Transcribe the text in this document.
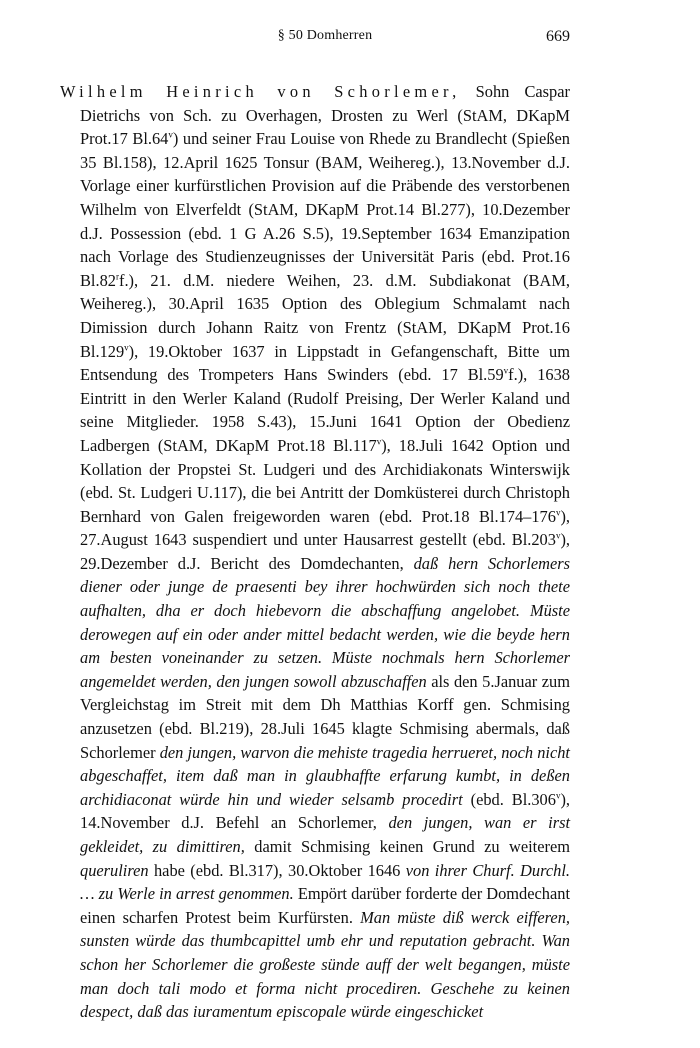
§ 50 Domherren	669
Wilhelm Heinrich von Schorlemer, Sohn Caspar Dietrichs von Sch. zu Overhagen, Drosten zu Werl (StAM, DKapM Prot.17 Bl.64$^v$) und seiner Frau Louise von Rhede zu Brandlecht (Spießen 35 Bl.158), 12.April 1625 Tonsur (BAM, Weihereg.), 13.November d.J. Vorlage einer kurfürstlichen Provision auf die Präbende des verstorbenen Wilhelm von Elverfeldt (StAM, DKapM Prot.14 Bl.277), 10.Dezember d.J. Possession (ebd. 1 G A.26 S.5), 19.September 1634 Emanzipation nach Vorlage des Studienzeugnisses der Universität Paris (ebd. Prot.16 Bl.82$^r$f.), 21. d.M. niedere Weihen, 23. d.M. Subdiakonat (BAM, Weihereg.), 30.April 1635 Option des Oblegium Schmalamt nach Dimission durch Johann Raitz von Frentz (StAM, DKapM Prot.16 Bl.129$^v$), 19.Oktober 1637 in Lippstadt in Gefangenschaft, Bitte um Entsendung des Trompeters Hans Swinders (ebd. 17 Bl.59$^v$f.), 1638 Eintritt in den Werler Kaland (Rudolf Preising, Der Werler Kaland und seine Mitglieder. 1958 S.43), 15.Juni 1641 Option der Obedienz Ladbergen (StAM, DKapM Prot.18 Bl.117$^v$), 18.Juli 1642 Option und Kollation der Propstei St. Ludgeri und des Archidiakonats Winterswijk (ebd. St. Ludgeri U.117), die bei Antritt der Domküsterei durch Christoph Bernhard von Galen freigeworden waren (ebd. Prot.18 Bl.174–176$^v$), 27.August 1643 suspendiert und unter Hausarrest gestellt (ebd. Bl.203$^v$), 29.Dezember d.J. Bericht des Domdechanten, daß hern Schorlemers diener oder junge de praesenti bey ihrer hochwürden sich noch thete aufhalten, dha er doch hiebevorn die abschaffung angelobet. Müste derowegen auf ein oder ander mittel bedacht werden, wie die beyde hern am besten voneinander zu setzen. Müste nochmals hern Schorlemer angemeldet werden, den jungen sowoll abzuschaffen als den 5.Januar zum Vergleichstag im Streit mit dem Dh Matthias Korff gen. Schmising anzusetzen (ebd. Bl.219), 28.Juli 1645 klagte Schmising abermals, daß Schorlemer den jungen, warvon die mehiste tragedia herrueret, noch nicht abgeschaffet, item daß man in glaubhaffte erfarung kumbt, in deßen archidiaconat würde hin und wieder selsamb procedirt (ebd. Bl.306$^v$), 14.November d.J. Befehl an Schorlemer, den jungen, wan er irst gekleidet, zu dimittiren, damit Schmising keinen Grund zu weiterem queruliren habe (ebd. Bl.317), 30.Oktober 1646 von ihrer Churf. Durchl. … zu Werle in arrest genommen. Empört darüber forderte der Domdechant einen scharfen Protest beim Kurfürsten. Man müste diß werck eifferen, sunsten würde das thumbcapittel umb ehr und reputation gebracht. Wan schon her Schorlemer die großeste sünde auff der welt begangen, müste man doch tali modo et forma nicht procediren. Geschehe zu keinen despect, daß das iuramentum episcopale würde eingeschicket
